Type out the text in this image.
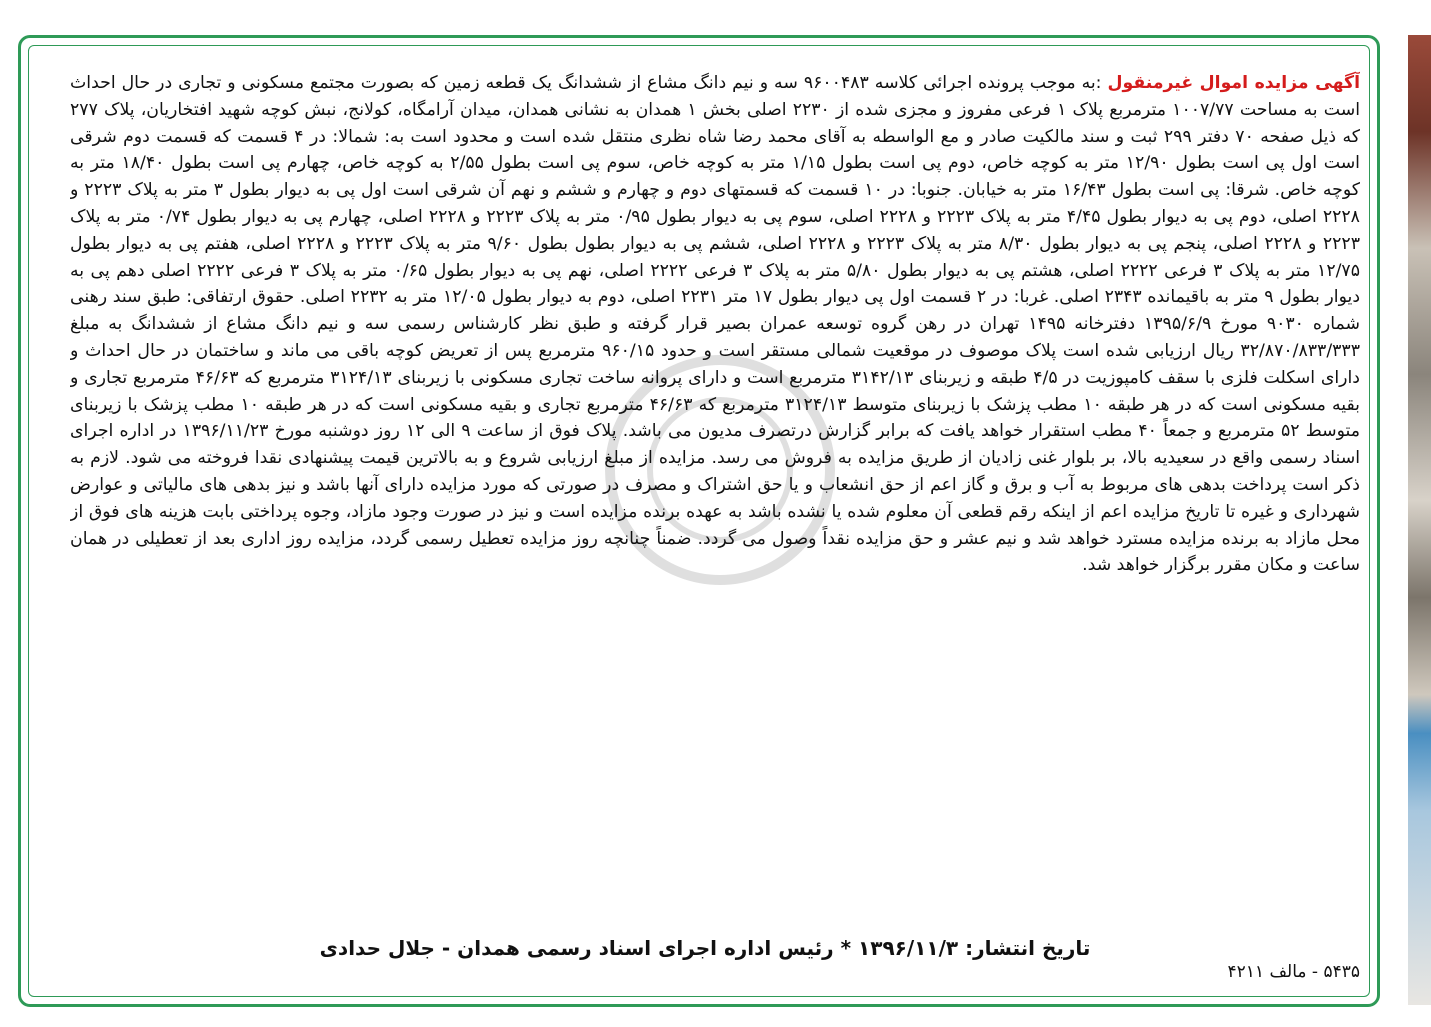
آگهی مزایده اموال غیرمنقول :به موجب پرونده اجرائی کلاسه ۹۶۰۰۴۸۳ سه و نیم دانگ مشاع از ششدانگ یک قطعه زمین که بصورت مجتمع مسکونی و تجاری در حال احداث است به مساحت ۱۰۰۷/۷۷ مترمربع پلاک ۱ فرعی مفروز و مجزی شده از ۲۲۳۰ اصلی بخش ۱ همدان به نشانی همدان، میدان آرامگاه، کولانج، نبش کوچه شهید افتخاریان، پلاک ۲۷۷ که ذیل صفحه ۷۰ دفتر ۲۹۹ ثبت و سند مالکیت صادر و مع الواسطه به آقای محمد رضا شاه نظری منتقل شده است و محدود است به: شمالا: در ۴ قسمت که قسمت دوم شرقی است اول پی است بطول ۱۲/۹۰ متر به کوچه خاص، دوم پی است بطول ۱/۱۵ متر به کوچه خاص، سوم پی است بطول ۲/۵۵ به کوچه خاص، چهارم پی است بطول ۱۸/۴۰ متر به کوچه خاص. شرقا: پی است بطول ۱۶/۴۳ متر به خیابان. جنوبا: در ۱۰ قسمت که قسمتهای دوم و چهارم و ششم و نهم آن شرقی است اول پی به دیوار بطول ۳ متر به پلاک ۲۲۲۳ و ۲۲۲۸ اصلی، دوم پی به دیوار بطول ۴/۴۵ متر به پلاک ۲۲۲۳ و ۲۲۲۸ اصلی، سوم پی به دیوار بطول ۰/۹۵ متر به پلاک ۲۲۲۳ و ۲۲۲۸ اصلی، چهارم پی به دیوار بطول ۰/۷۴ متر به پلاک ۲۲۲۳ و ۲۲۲۸ اصلی، پنجم پی به دیوار بطول ۸/۳۰ متر به پلاک ۲۲۲۳ و ۲۲۲۸ اصلی، ششم پی به دیوار بطول بطول ۹/۶۰ متر به پلاک ۲۲۲۳ و ۲۲۲۸ اصلی، هفتم پی به دیوار بطول ۱۲/۷۵ متر به پلاک ۳ فرعی ۲۲۲۲ اصلی، هشتم پی به دیوار بطول ۵/۸۰ متر به پلاک ۳ فرعی ۲۲۲۲ اصلی، نهم پی به دیوار بطول ۰/۶۵ متر به پلاک ۳ فرعی ۲۲۲۲ اصلی دهم پی به دیوار بطول ۹ متر به باقیمانده ۲۳۴۳ اصلی. غربا: در ۲ قسمت اول پی دیوار بطول ۱۷ متر ۲۲۳۱ اصلی، دوم به دیوار بطول ۱۲/۰۵ متر به ۲۲۳۲ اصلی. حقوق ارتفاقی: طبق سند رهنی شماره ۹۰۳۰ مورخ ۱۳۹۵/۶/۹ دفترخانه ۱۴۹۵ تهران در رهن گروه توسعه عمران بصیر قرار گرفته و طبق نظر کارشناس رسمی سه و نیم دانگ مشاع از ششدانگ به مبلغ ۳۲/۸۷۰/۸۳۳/۳۳۳ ریال ارزیابی شده است پلاک موصوف در موقعیت شمالی مستقر است و حدود ۹۶۰/۱۵ مترمربع پس از تعریض کوچه باقی می ماند و ساختمان در حال احداث و دارای اسکلت فلزی با سقف کامپوزیت در ۴/۵ طبقه و زیربنای ۳۱۴۲/۱۳ مترمربع است و دارای پروانه ساخت تجاری مسکونی با زیربنای ۳۱۲۴/۱۳ مترمربع که ۴۶/۶۳ مترمربع تجاری و بقیه مسکونی است که در هر طبقه ۱۰ مطب پزشک با زیربنای متوسط ۳۱۲۴/۱۳ مترمربع که ۴۶/۶۳ مترمربع تجاری و بقیه مسکونی است که در هر طبقه ۱۰ مطب پزشک با زیربنای متوسط ۵۲ مترمربع و جمعاً ۴۰ مطب استقرار خواهد یافت که برابر گزارش درتصرف مدیون می باشد. پلاک فوق از ساعت ۹ الی ۱۲ روز دوشنبه مورخ ۱۳۹۶/۱۱/۲۳ در اداره اجرای اسناد رسمی واقع در سعیدیه بالا، بر بلوار غنی زادیان از طریق مزایده به فروش می رسد. مزایده از مبلغ ارزیابی شروع و به بالاترین قیمت پیشنهادی نقدا فروخته می شود. لازم به ذکر است پرداخت بدهی های مربوط به آب و برق و گاز اعم از حق انشعاب و یا حق اشتراک و مصرف در صورتی که مورد مزایده دارای آنها باشد و نیز بدهی های مالیاتی و عوارض شهرداری و غیره تا تاریخ مزایده اعم از اینکه رقم قطعی آن معلوم شده یا نشده باشد به عهده برنده مزایده است و نیز در صورت وجود مازاد، وجوه پرداختی بابت هزینه های فوق از محل مازاد به برنده مزایده مسترد خواهد شد و نیم عشر و حق مزایده نقداً وصول می گردد. ضمناً چنانچه روز مزایده تعطیل رسمی گردد، مزایده روز اداری بعد از تعطیلی در همان ساعت و مکان مقرر برگزار خواهد شد.
تاریخ انتشار: ۱۳۹۶/۱۱/۳ * رئیس اداره اجرای اسناد رسمی همدان - جلال حدادی
۵۴۳۵ - مالف ۴۲۱۱
